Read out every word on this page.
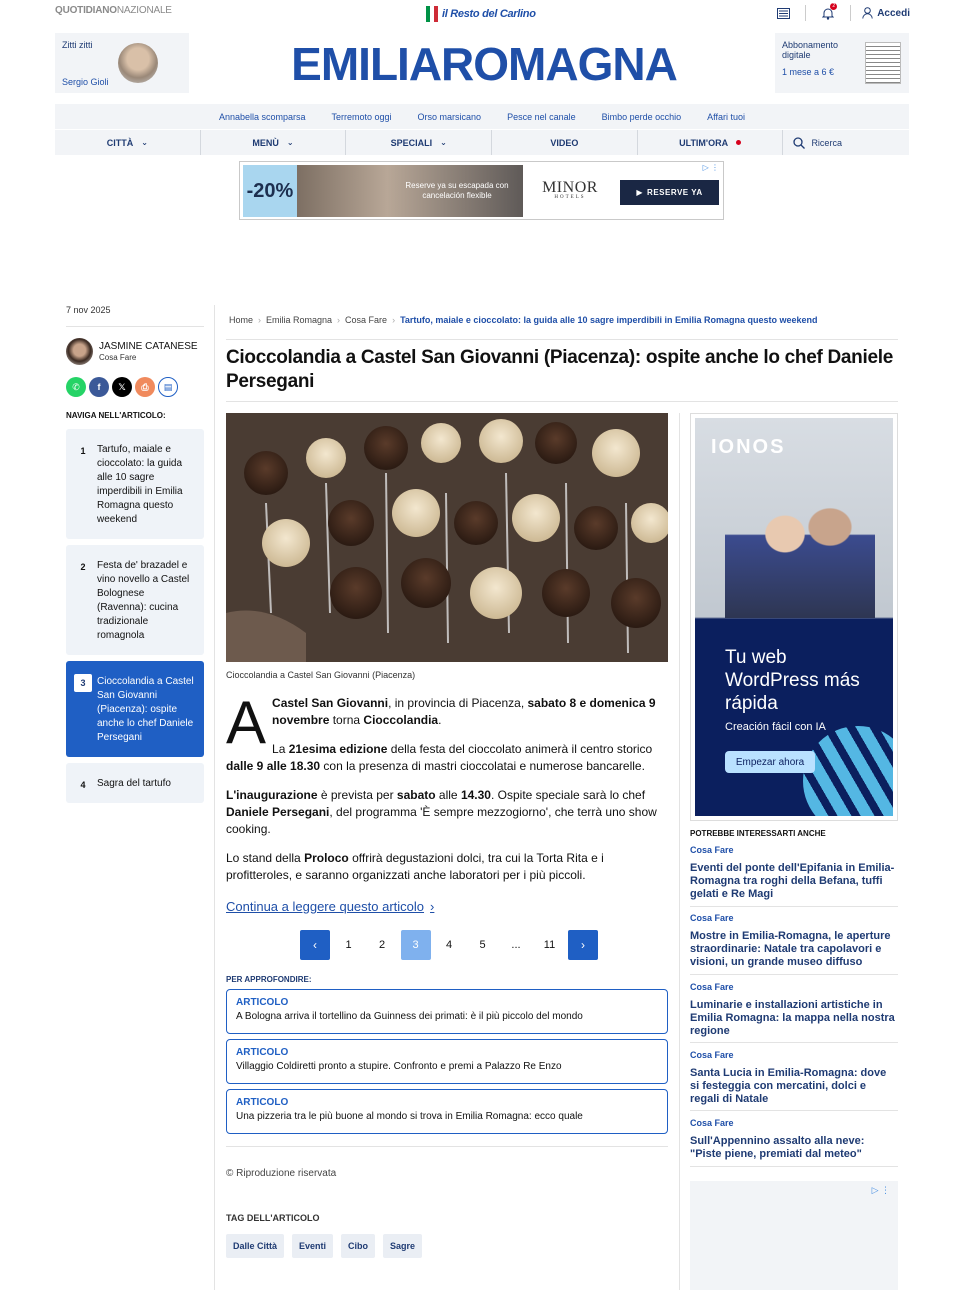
QUOTIDIANONAZIONALE	il Resto del Carlino
2
Accedi
Zitti zitti
Sergio Gioli	EMILIAROMAGNA	Abbonamento digitale
1 mese a 6 €
Annabella scomparsa	Terremoto oggi	Orso marsicano	Pesce nel canale	Bimbo perde occhio	Affari tuoi
CITTÀ ⌄	MENÙ ⌄	SPECIALI ⌄	VIDEO	ULTIM'ORA	Ricerca
-20%	Reserve ya su escapada con cancelación flexible	MINOR
HOTELS
▶ RESERVE YA
▷ ⋮
7 nov 2025
JASMINE CATANESE
Cosa Fare
✆	f	𝕏	⎙	▤
NAVIGA NELL'ARTICOLO:
1	Tartufo, maiale e cioccolato: la guida alle 10 sagre imperdibili in Emilia Romagna questo weekend
2	Festa de' brazadel e vino novello a Castel Bolognese (Ravenna): cucina tradizionale romagnola
3	Cioccolandia a Castel San Giovanni (Piacenza): ospite anche lo chef Daniele Persegani
4	Sagra del tartufo
Home › Emilia Romagna › Cosa Fare › Tartufo, maiale e cioccolato: la guida alle 10 sagre imperdibili in Emilia Romagna questo weekend
Cioccolandia a Castel San Giovanni (Piacenza): ospite anche lo chef Daniele Persegani
Cioccolandia a Castel San Giovanni (Piacenza)
A Castel San Giovanni, in provincia di Piacenza, sabato 8 e domenica 9 novembre torna Cioccolandia.

La 21esima edizione della festa del cioccolato animerà il centro storico dalle 9 alle 18.30 con la presenza di mastri cioccolatai e numerose bancarelle.

L'inaugurazione è prevista per sabato alle 14.30. Ospite speciale sarà lo chef Daniele Persegani, del programma 'È sempre mezzogiorno', che terrà uno show cooking.

Lo stand della Proloco offrirà degustazioni dolci, tra cui la Torta Rita e i profitteroles, e saranno organizzati anche laboratori per i più piccoli.

Continua a leggere questo articolo ›
‹	1	2	3	4	5	...	11	›
PER APPROFONDIRE:
ARTICOLO
A Bologna arriva il tortellino da Guinness dei primati: è il più piccolo del mondo
ARTICOLO
Villaggio Coldiretti pronto a stupire. Confronto e premi a Palazzo Re Enzo
ARTICOLO
Una pizzeria tra le più buone al mondo si trova in Emilia Romagna: ecco quale
© Riproduzione riservata
TAG DELL'ARTICOLO
Dalle Città	Eventi	Cibo	Sagre
IONOS
Tu web WordPress más rápida
Creación fácil con IA
Empezar ahora
POTREBBE INTERESSARTI ANCHE
Cosa Fare
Eventi del ponte dell'Epifania in Emilia-Romagna tra roghi della Befana, tuffi gelati e Re Magi
Cosa Fare
Mostre in Emilia-Romagna, le aperture straordinarie: Natale tra capolavori e visioni, un grande museo diffuso
Cosa Fare
Luminarie e installazioni artistiche in Emilia Romagna: la mappa nella nostra regione
Cosa Fare
Santa Lucia in Emilia-Romagna: dove si festeggia con mercatini, dolci e regali di Natale
Cosa Fare
Sull'Appennino assalto alla neve: "Piste piene, premiati dal meteo"
▷ ⋮
